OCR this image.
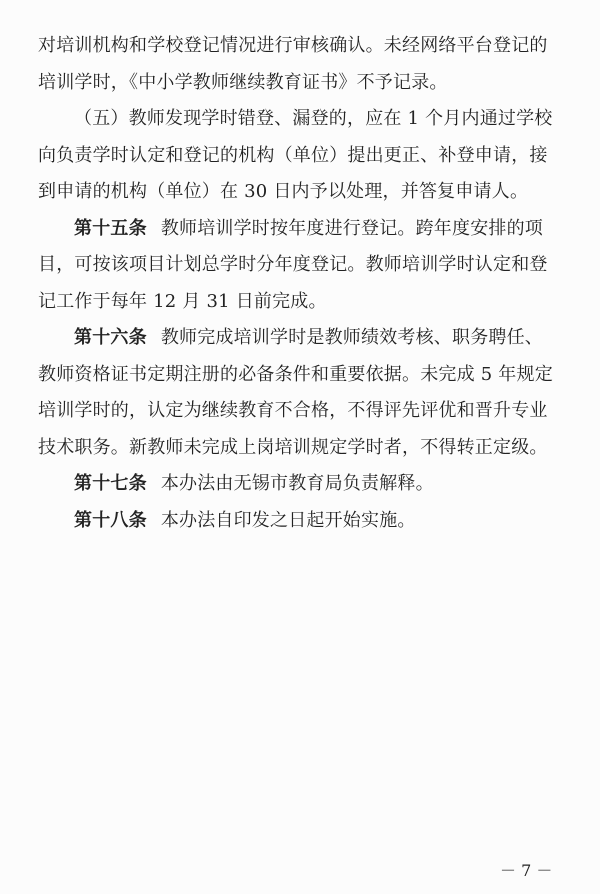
对培训机构和学校登记情况进行审核确认。未经网络平台登记的
培训学时，《中小学教师继续教育证书》不予记录。
（五）教师发现学时错登、漏登的，应在 1 个月内通过学校
向负责学时认定和登记的机构（单位）提出更正、补登申请，接
到申请的机构（单位）在 30 日内予以处理，并答复申请人。
第十五条 教师培训学时按年度进行登记。跨年度安排的项
目，可按该项目计划总学时分年度登记。教师培训学时认定和登
记工作于每年 12 月 31 日前完成。
第十六条 教师完成培训学时是教师绩效考核、职务聘任、
教师资格证书定期注册的必备条件和重要依据。未完成 5 年规定
培训学时的，认定为继续教育不合格，不得评先评优和晋升专业
技术职务。新教师未完成上岗培训规定学时者，不得转正定级。
第十七条 本办法由无锡市教育局负责解释。
第十八条 本办法自印发之日起开始实施。
－ 7 －
